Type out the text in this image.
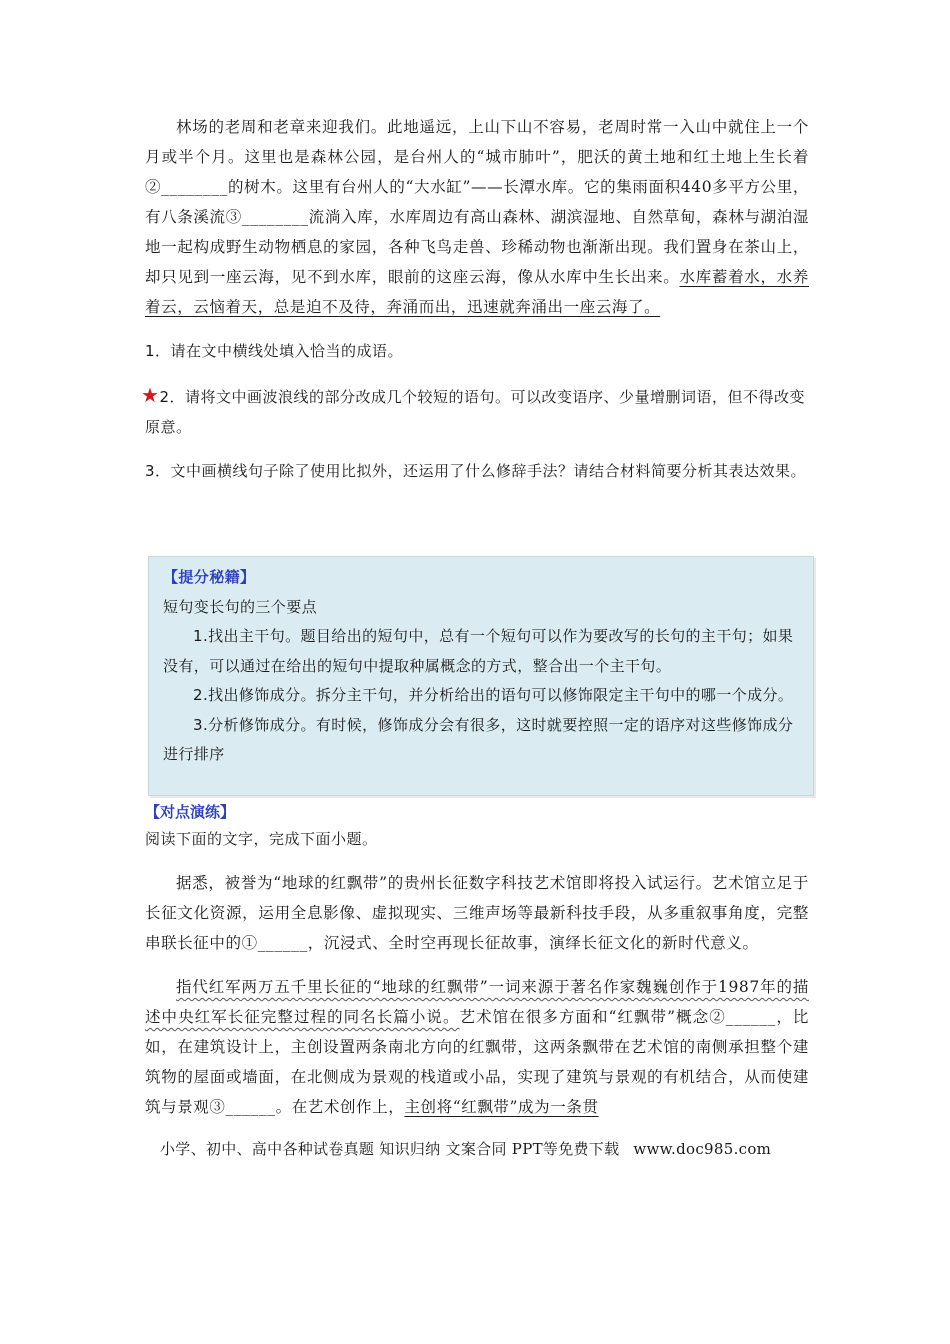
林场的老周和老章来迎我们。此地遥远，上山下山不容易，老周时常一入山中就住上一个月或半个月。这里也是森林公园，是台州人的“城市肺叶”，肥沃的黄土地和红土地上生长着②________的树木。这里有台州人的“大水缸”——长潭水库。它的集雨面积440多平方公里，有八条溪流③________流淌入库，水库周边有高山森林、湖滨湿地、自然草甸，森林与湖泊湿地一起构成野生动物栖息的家园，各种飞鸟走兽、珍稀动物也渐渐出现。我们置身在茶山上，却只见到一座云海，见不到水库，眼前的这座云海，像从水库中生长出来。水库蓄着水，水养着云，云恼着天，总是迫不及待，奔涌而出，迅速就奔涌出一座云海了。

1．请在文中横线处填入恰当的成语。

★2．请将文中画波浪线的部分改成几个较短的语句。可以改变语序、少量增删词语，但不得改变原意。

3．文中画横线句子除了使用比拟外，还运用了什么修辞手法？请结合材料简要分析其表达效果。

【提分秘籍】

短句变长句的三个要点

1.找出主干句。题目给出的短句中，总有一个短句可以作为要改写的长句的主干句；如果没有，可以通过在给出的短句中提取种属概念的方式，整合出一个主干句。

2.找出修饰成分。拆分主干句，并分析给出的语句可以修饰限定主干句中的哪一个成分。

3.分析修饰成分。有时候，修饰成分会有很多，这时就要控照一定的语序对这些修饰成分进行排序

【对点演练】

阅读下面的文字，完成下面小题。

据悉，被誉为“地球的红飘带”的贵州长征数字科技艺术馆即将投入试运行。艺术馆立足于长征文化资源，运用全息影像、虚拟现实、三维声场等最新科技手段，从多重叙事角度，完整串联长征中的①______，沉浸式、全时空再现长征故事，演绎长征文化的新时代意义。

指代红军两万五千里长征的“地球的红飘带”一词来源于著名作家魏巍创作于1987年的描述中央红军长征完整过程的同名长篇小说。艺术馆在很多方面和“红飘带”概念②______，比如，在建筑设计上，主创设置两条南北方向的红飘带，这两条飘带在艺术馆的南侧承担整个建筑物的屋面或墙面，在北侧成为景观的栈道或小品，实现了建筑与景观的有机结合，从而使建筑与景观③______。在艺术创作上，主创将“红飘带”成为一条贯

小学、初中、高中各种试卷真题 知识归纳 文案合同 PPT等免费下载 www.doc985.com
